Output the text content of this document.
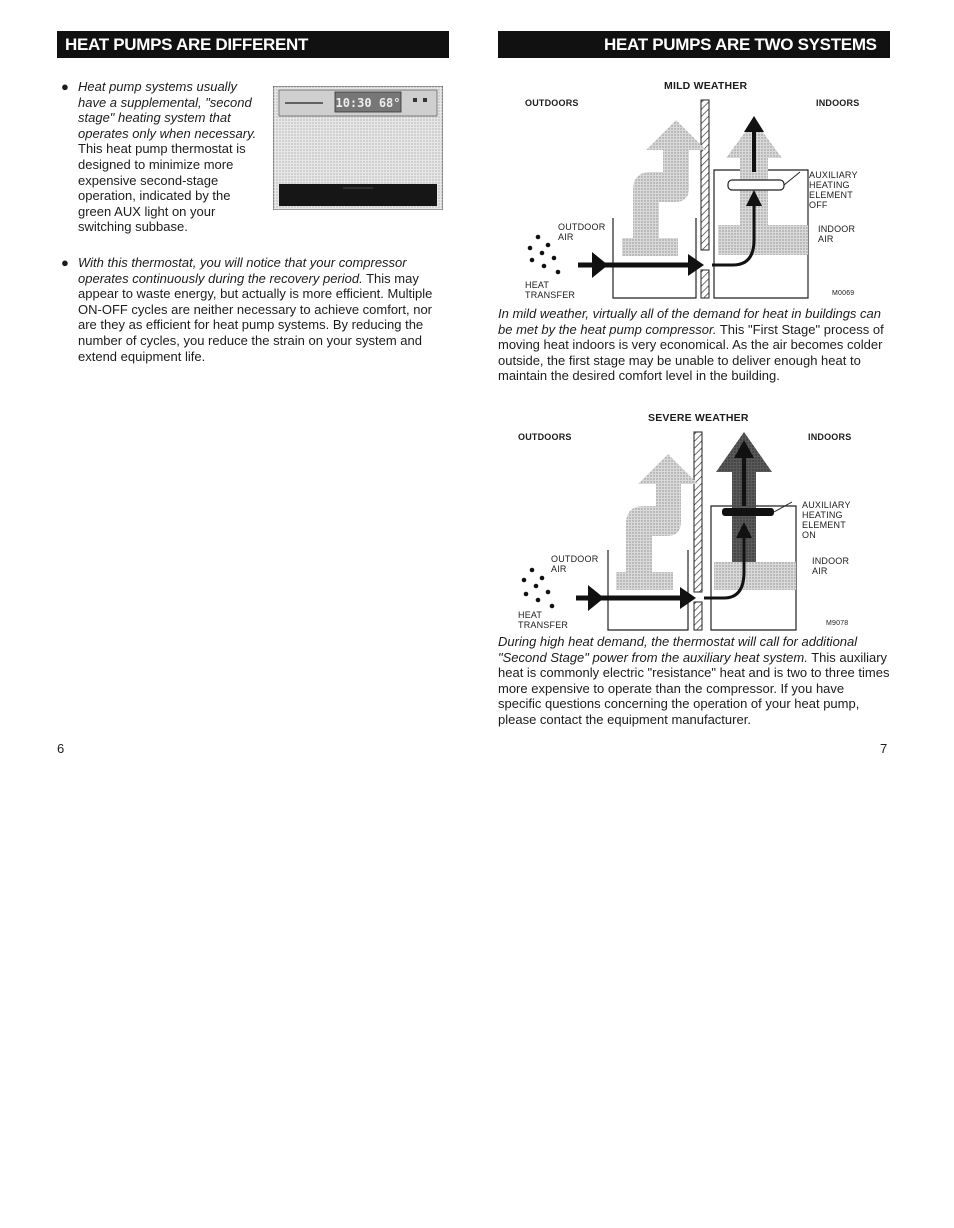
HEAT PUMPS ARE DIFFERENT
● Heat pump systems usually have a supplemental, "second stage" heating system that operates only when necessary. This heat pump thermostat is designed to minimize more expensive second-stage operation, indicated by the green AUX light on your switching subbase.

10:30 68°
● With this thermostat, you will notice that your compressor operates continuously during the recovery period. This may appear to waste energy, but actually is more efficient. Multiple ON-OFF cycles are neither necessary to achieve comfort, nor are they as efficient for heat pump systems. By reducing the number of cycles, you reduce the strain on your system and extend equipment life.

6
HEAT PUMPS ARE TWO SYSTEMS IN ONE
MILD WEATHER
OUTDOORS	INDOORS
AUXILIARY
HEATING
ELEMENT
OFF
OUTDOOR
AIR
INDOOR
AIR
HEAT
TRANSFER	M0069
In mild weather, virtually all of the demand for heat in buildings can be met by the heat pump compressor. This "First Stage" process of moving heat indoors is very economical. As the air becomes colder outside, the first stage may be unable to deliver enough heat to maintain the desired comfort level in the building.
SEVERE WEATHER
OUTDOORS	INDOORS
AUXILIARY
HEATING
ELEMENT
ON
OUTDOOR
AIR
INDOOR
AIR
HEAT
TRANSFER	M9078
During high heat demand, the thermostat will call for additional "Second Stage" power from the auxiliary heat system. This auxiliary heat is commonly electric "resistance" heat and is two to three times more expensive to operate than the compressor. If you have specific questions concerning the operation of your heat pump, please contact the equipment manufacturer.
7
